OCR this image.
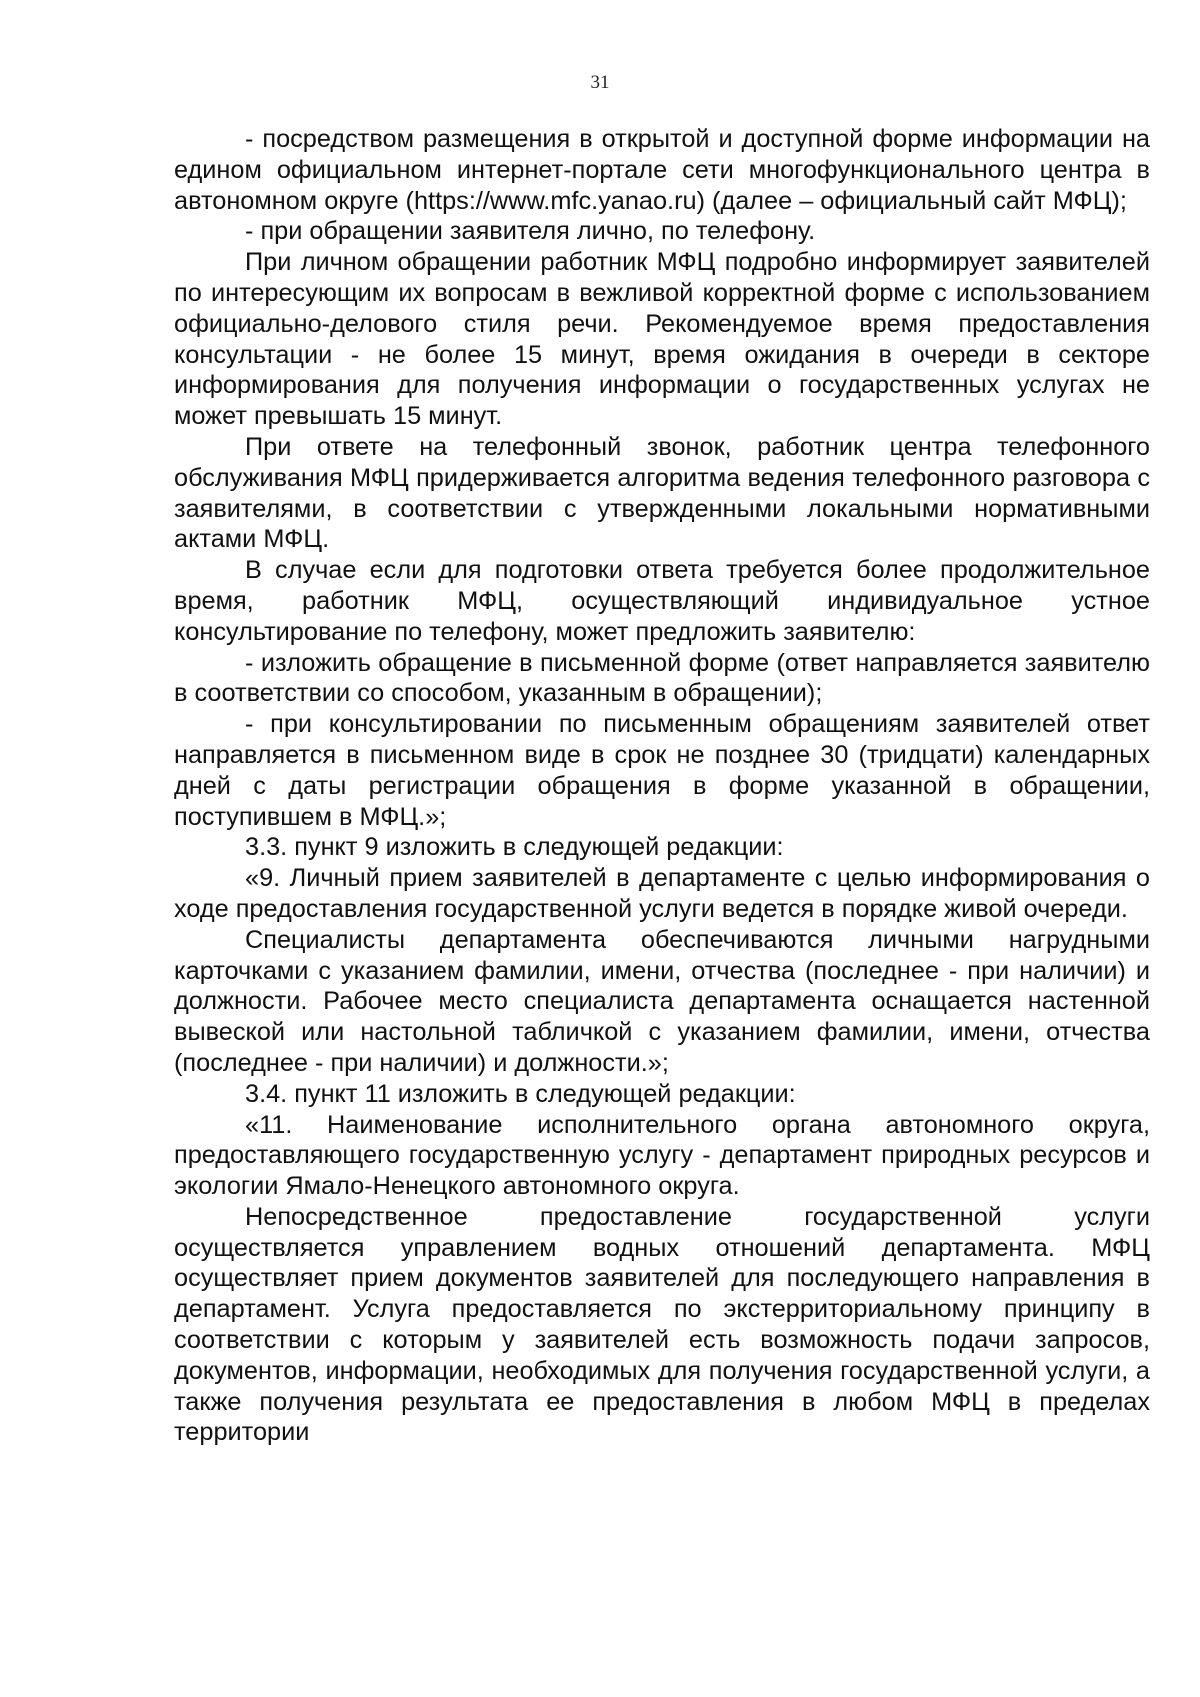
31

- посредством размещения в открытой и доступной форме информации на едином официальном интернет-портале сети многофункционального центра в автономном округе (https://www.mfc.yanao.ru) (далее – официальный сайт МФЦ);

- при обращении заявителя лично, по телефону.

При личном обращении работник МФЦ подробно информирует заявителей по интересующим их вопросам в вежливой корректной форме с использованием официально-делового стиля речи. Рекомендуемое время предоставления консультации - не более 15 минут, время ожидания в очереди в секторе информирования для получения информации о государственных услугах не может превышать 15 минут.

При ответе на телефонный звонок, работник центра телефонного обслуживания МФЦ придерживается алгоритма ведения телефонного разговора с заявителями, в соответствии с утвержденными локальными нормативными актами МФЦ.

В случае если для подготовки ответа требуется более продолжительное время, работник МФЦ, осуществляющий индивидуальное устное консультирование по телефону, может предложить заявителю:

- изложить обращение в письменной форме (ответ направляется заявителю в соответствии со способом, указанным в обращении);

- при консультировании по письменным обращениям заявителей ответ направляется в письменном виде в срок не позднее 30 (тридцати) календарных дней с даты регистрации обращения в форме указанной в обращении, поступившем в МФЦ.»;

3.3. пункт 9 изложить в следующей редакции:

«9. Личный прием заявителей в департаменте с целью информирования о ходе предоставления государственной услуги ведется в порядке живой очереди.

Специалисты департамента обеспечиваются личными нагрудными карточками с указанием фамилии, имени, отчества (последнее - при наличии) и должности. Рабочее место специалиста департамента оснащается настенной вывеской или настольной табличкой с указанием фамилии, имени, отчества (последнее - при наличии) и должности.»;

3.4. пункт 11 изложить в следующей редакции:

«11. Наименование исполнительного органа автономного округа, предоставляющего государственную услугу - департамент природных ресурсов и экологии Ямало-Ненецкого автономного округа.

Непосредственное предоставление государственной услуги осуществляется управлением водных отношений департамента. МФЦ осуществляет прием документов заявителей для последующего направления в департамент. Услуга предоставляется по экстерриториальному принципу в соответствии с которым у заявителей есть возможность подачи запросов, документов, информации, необходимых для получения государственной услуги, а также получения результата ее предоставления в любом МФЦ в пределах территории
